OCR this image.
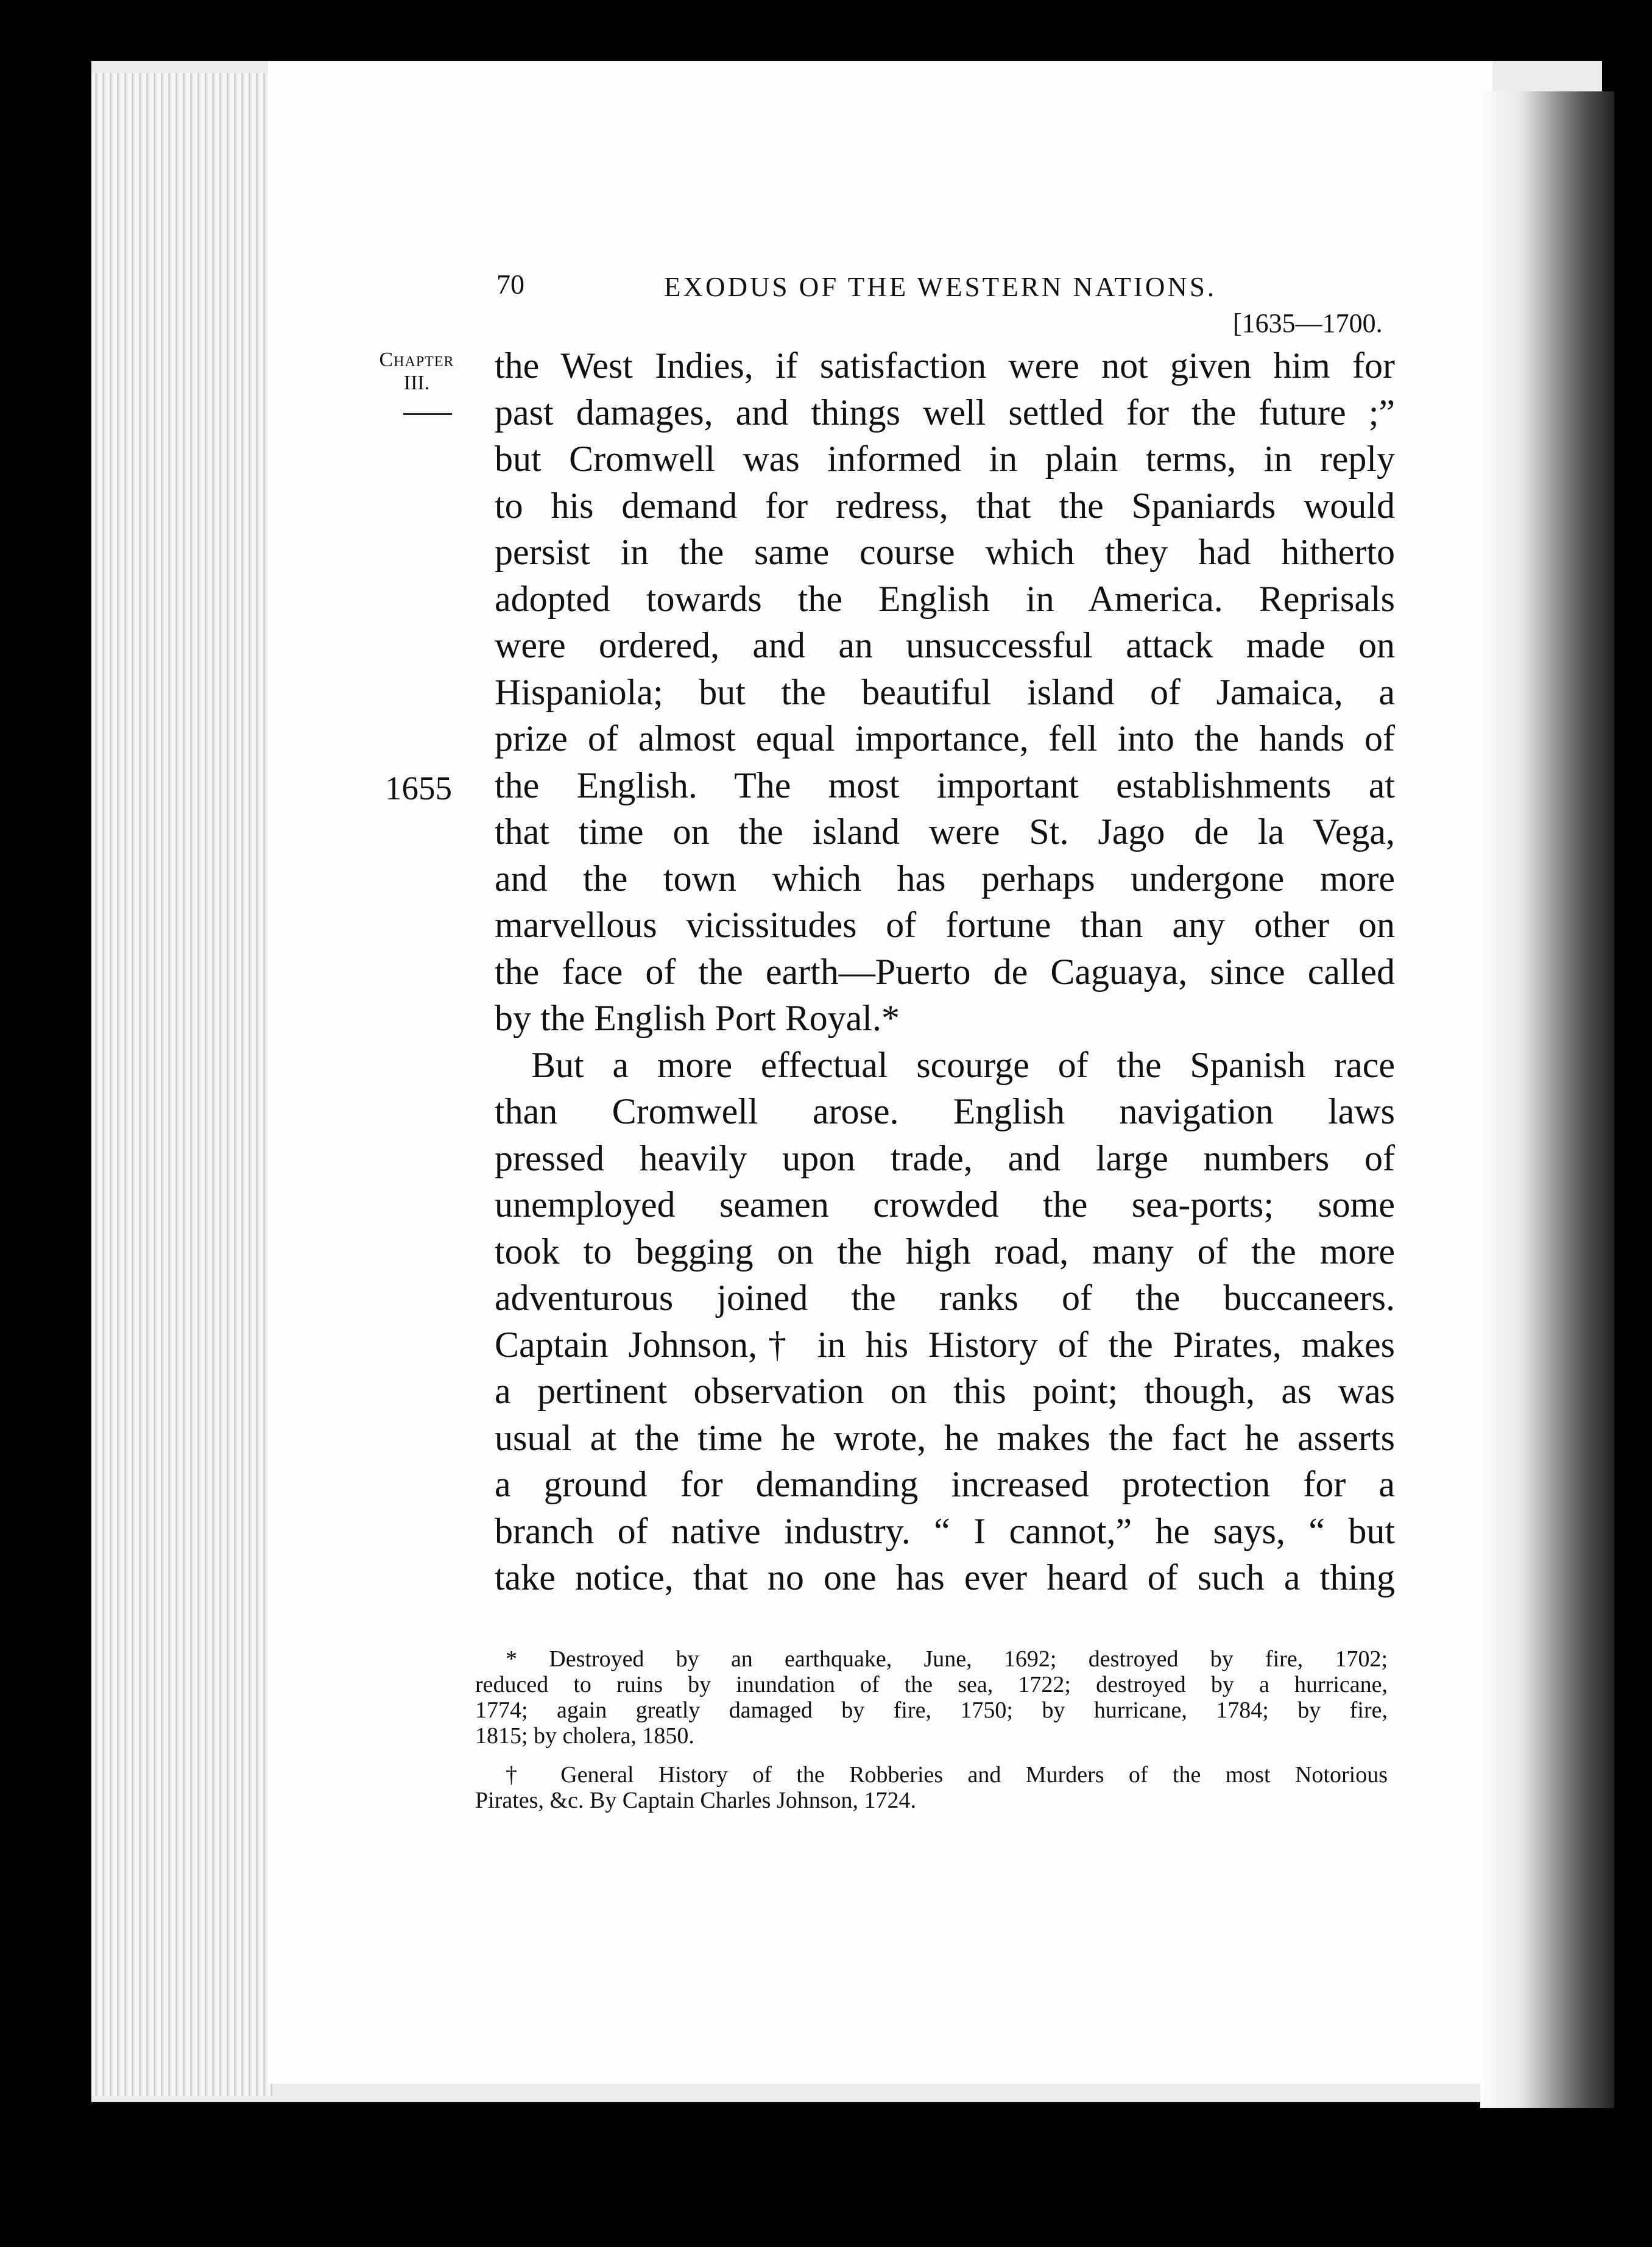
70	EXODUS OF THE WESTERN NATIONS.
[1635—1700.
Chapter
III.
1655
the West Indies, if satisfaction were not given him for
past damages, and things well settled for the future ;”
but Cromwell was informed in plain terms, in reply
to his demand for redress, that the Spaniards would
persist in the same course which they had hitherto
adopted towards the English in America. Reprisals
were ordered, and an unsuccessful attack made on
Hispaniola; but the beautiful island of Jamaica, a
prize of almost equal importance, fell into the hands of
the English. The most important establishments at
that time on the island were St. Jago de la Vega,
and the town which has perhaps undergone more
marvellous vicissitudes of fortune than any other on
the face of the earth—Puerto de Caguaya, since called
by the English Port Royal.*
But a more effectual scourge of the Spanish race
than Cromwell arose. English navigation laws
pressed heavily upon trade, and large numbers of
unemployed seamen crowded the sea-ports; some
took to begging on the high road, many of the more
adventurous joined the ranks of the buccaneers.
Captain Johnson,† in his History of the Pirates, makes
a pertinent observation on this point; though, as was
usual at the time he wrote, he makes the fact he asserts
a ground for demanding increased protection for a
branch of native industry. “ I cannot,” he says, “ but
take notice, that no one has ever heard of such a thing
* Destroyed by an earthquake, June, 1692; destroyed by fire, 1702;
reduced to ruins by inundation of the sea, 1722; destroyed by a hurricane,
1774; again greatly damaged by fire, 1750; by hurricane, 1784; by fire,
1815; by cholera, 1850.
† General History of the Robberies and Murders of the most Notorious
Pirates, &c. By Captain Charles Johnson, 1724.
